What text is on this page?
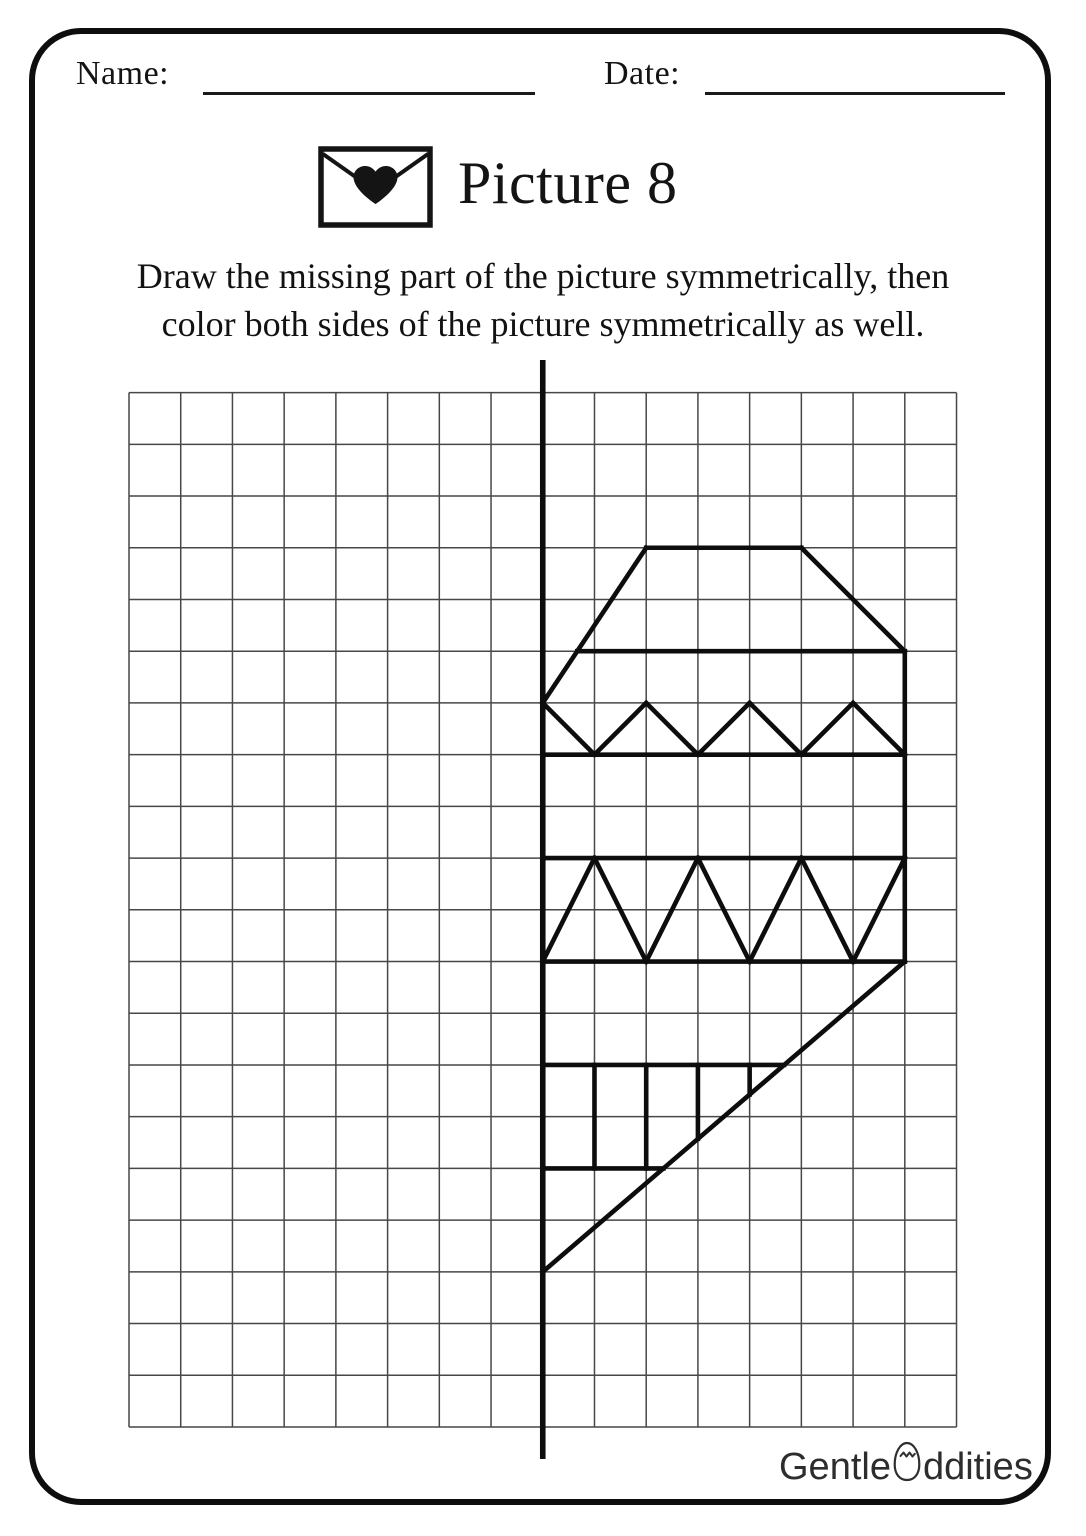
Name:	Date:
Picture 8

Draw the missing part of the picture symmetrically, then
color both sides of the picture symmetrically as well.

Gentle ddities
